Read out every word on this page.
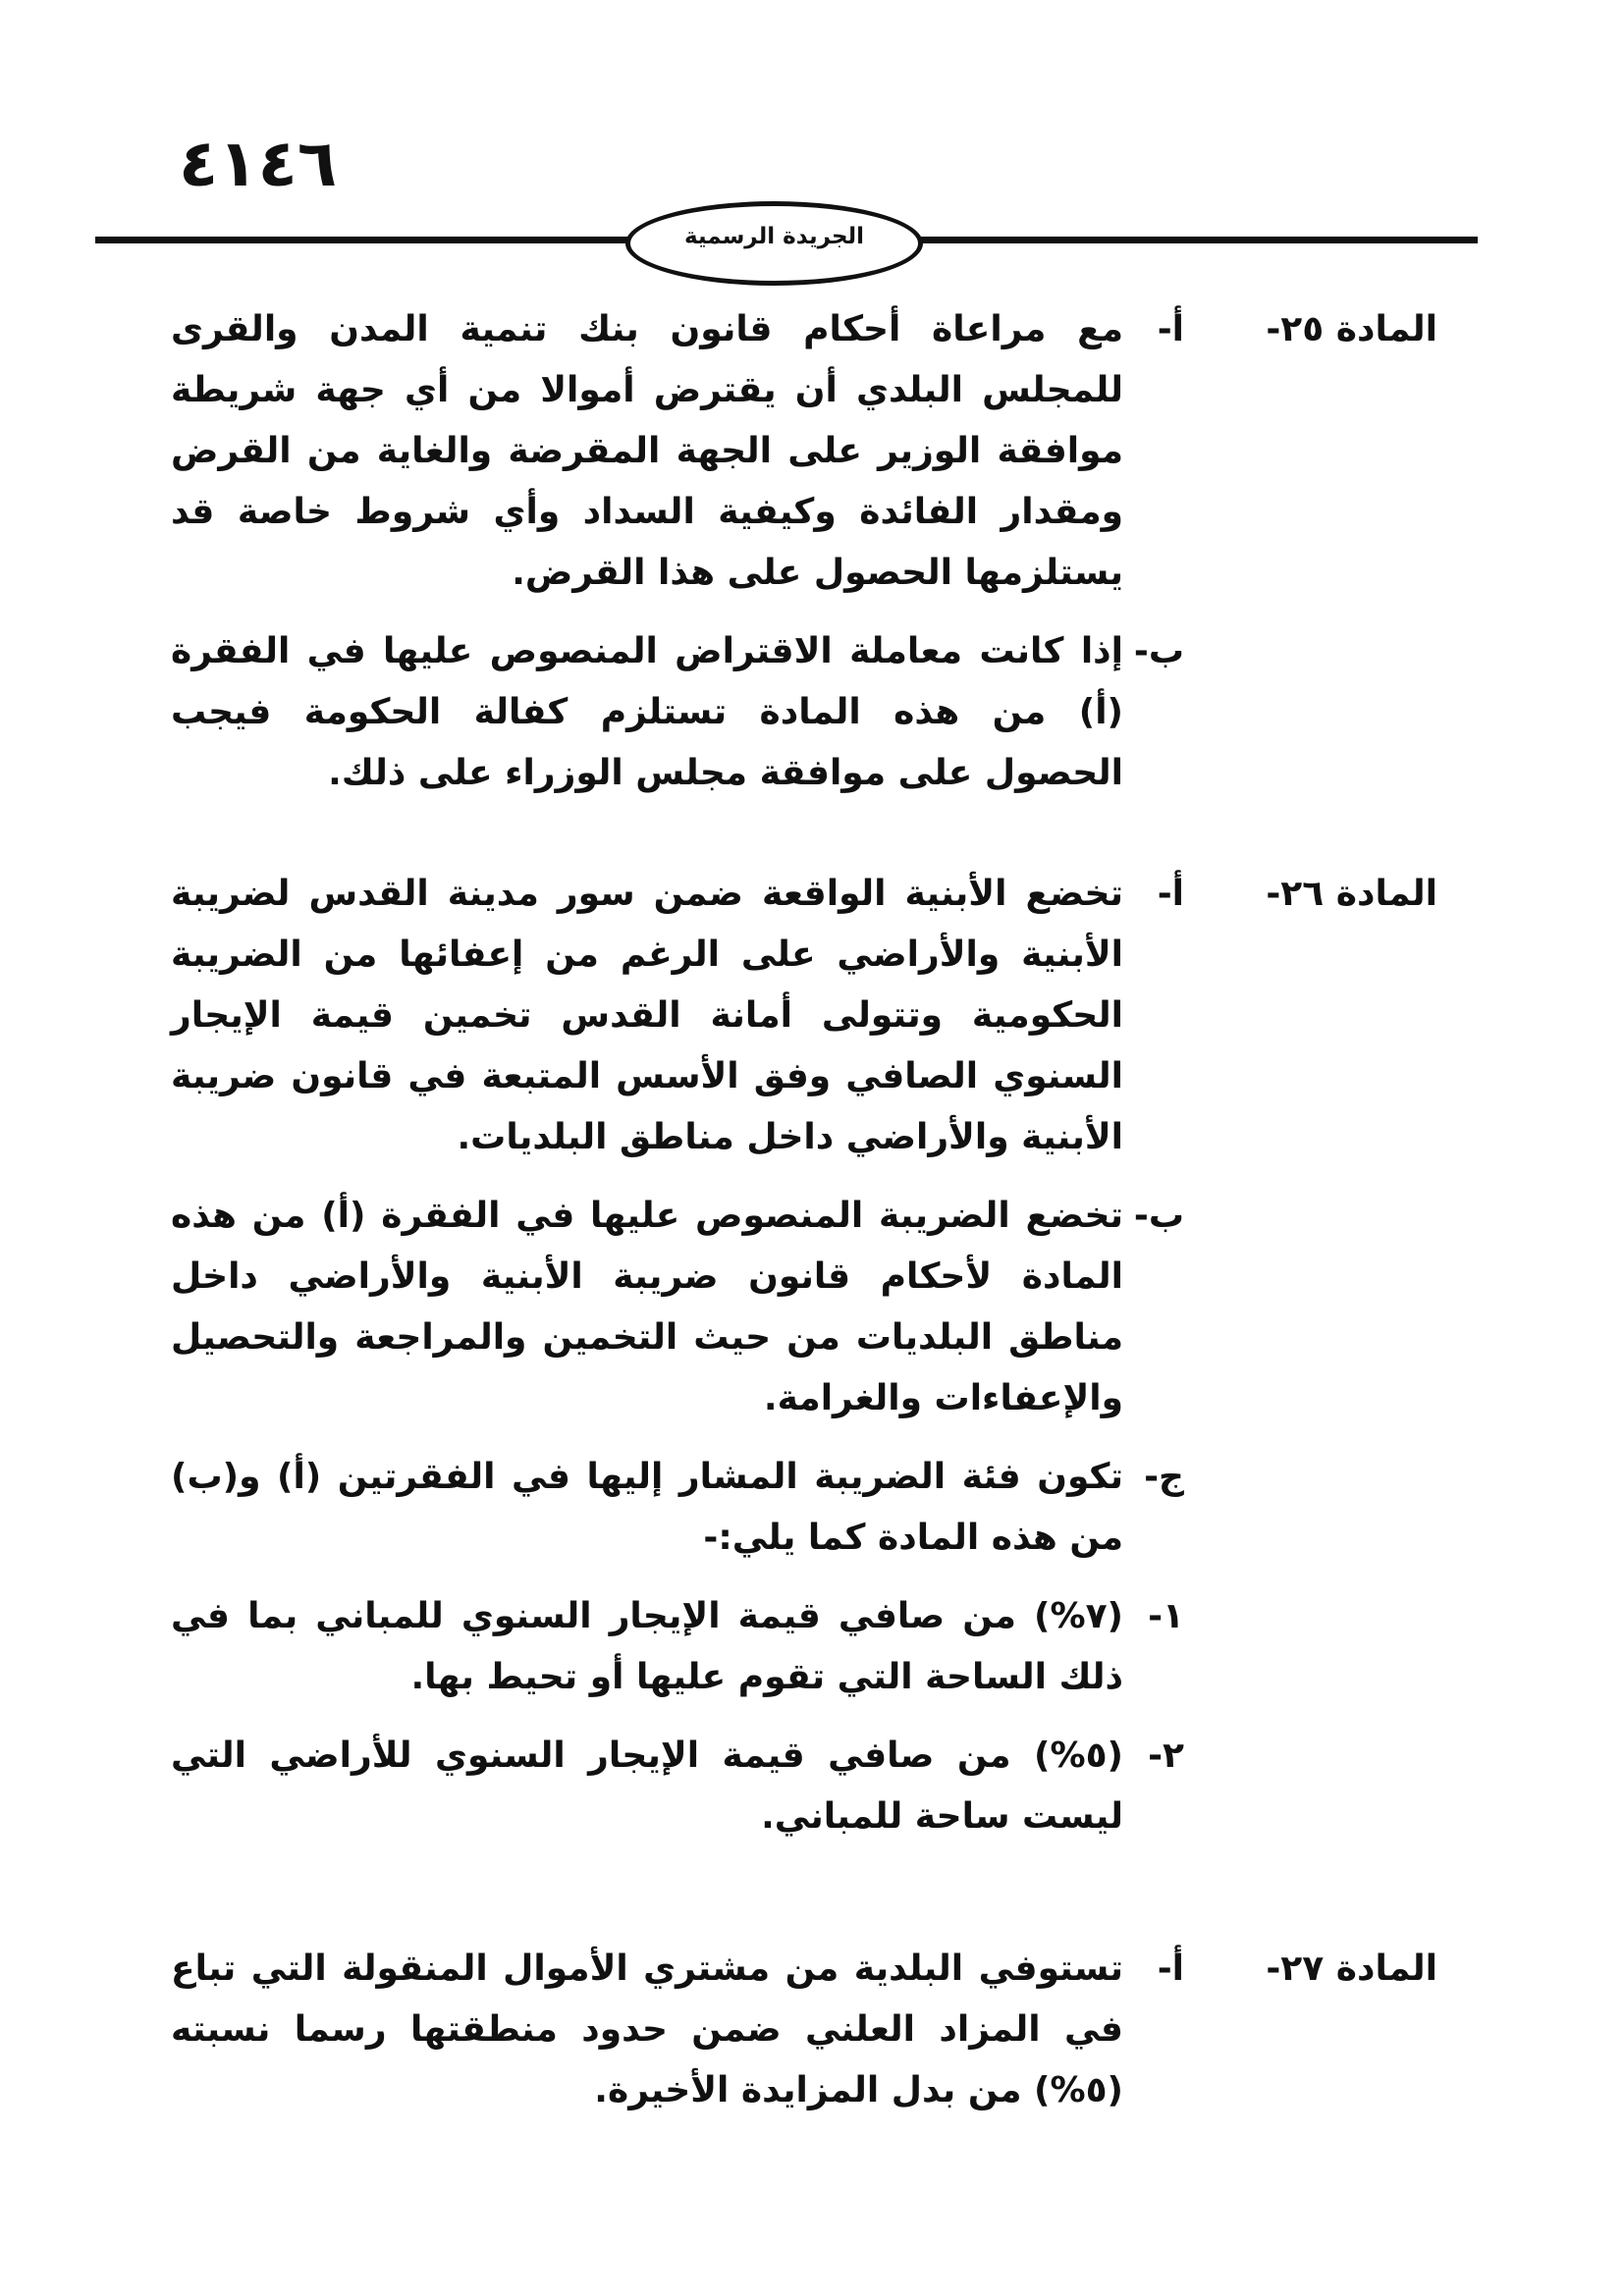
٤١٤٦
الجريدة الرسمية
المادة ٢٥-
أ-
مع مراعاة أحكام قانون بنك تنمية المدن والقرى للمجلس البلدي أن يقترض أموالا من أي جهة شريطة موافقة الوزير على الجهة المقرضة والغاية من القرض ومقدار الفائدة وكيفية السداد وأي شروط خاصة قد يستلزمها الحصول على هذا القرض.
ب-
إذا كانت معاملة الاقتراض المنصوص عليها في الفقرة (أ) من هذه المادة تستلزم كفالة الحكومة فيجب الحصول على موافقة مجلس الوزراء على ذلك.
المادة ٢٦-
أ-
تخضع الأبنية الواقعة ضمن سور مدينة القدس لضريبة الأبنية والأراضي على الرغم من إعفائها من الضريبة الحكومية وتتولى أمانة القدس تخمين قيمة الإيجار السنوي الصافي وفق الأسس المتبعة في قانون ضريبة الأبنية والأراضي داخل مناطق البلديات.
ب-
تخضع الضريبة المنصوص عليها في الفقرة (أ) من هذه المادة لأحكام قانون ضريبة الأبنية والأراضي داخل مناطق البلديات من حيث التخمين والمراجعة والتحصيل والإعفاءات والغرامة.
ج-
تكون فئة الضريبة المشار إليها في الفقرتين (أ) و(ب) من هذه المادة كما يلي:-
١-
(٧%) من صافي قيمة الإيجار السنوي للمباني بما في ذلك الساحة التي تقوم عليها أو تحيط بها.
٢-
(٥%) من صافي قيمة الإيجار السنوي للأراضي التي ليست ساحة للمباني.
المادة ٢٧-
أ-
تستوفي البلدية من مشتري الأموال المنقولة التي تباع في المزاد العلني ضمن حدود منطقتها رسما نسبته (٥%) من بدل المزايدة الأخيرة.
